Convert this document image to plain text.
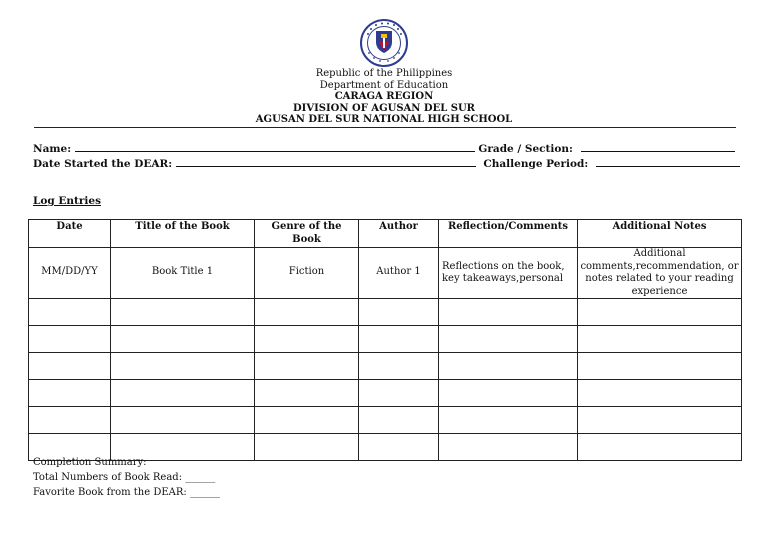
Republic of the Philippines
Department of Education
CARAGA REGION
DIVISION OF AGUSAN DEL SUR
AGUSAN DEL SUR NATIONAL HIGH SCHOOL
Name:	Grade / Section:
Date Started the DEAR:	Challenge Period:
Log Entries
Date	Title of the Book	Genre of the Book	Author	Reflection/Comments	Additional Notes
MM/DD/YY	Book Title 1	Fiction	Author 1	Reflections on the book, key takeaways,personal	Additional comments,recommendation, or notes related to your reading experience

Completion Summary:
Total Numbers of Book Read: ______
Favorite Book from the DEAR: ______
